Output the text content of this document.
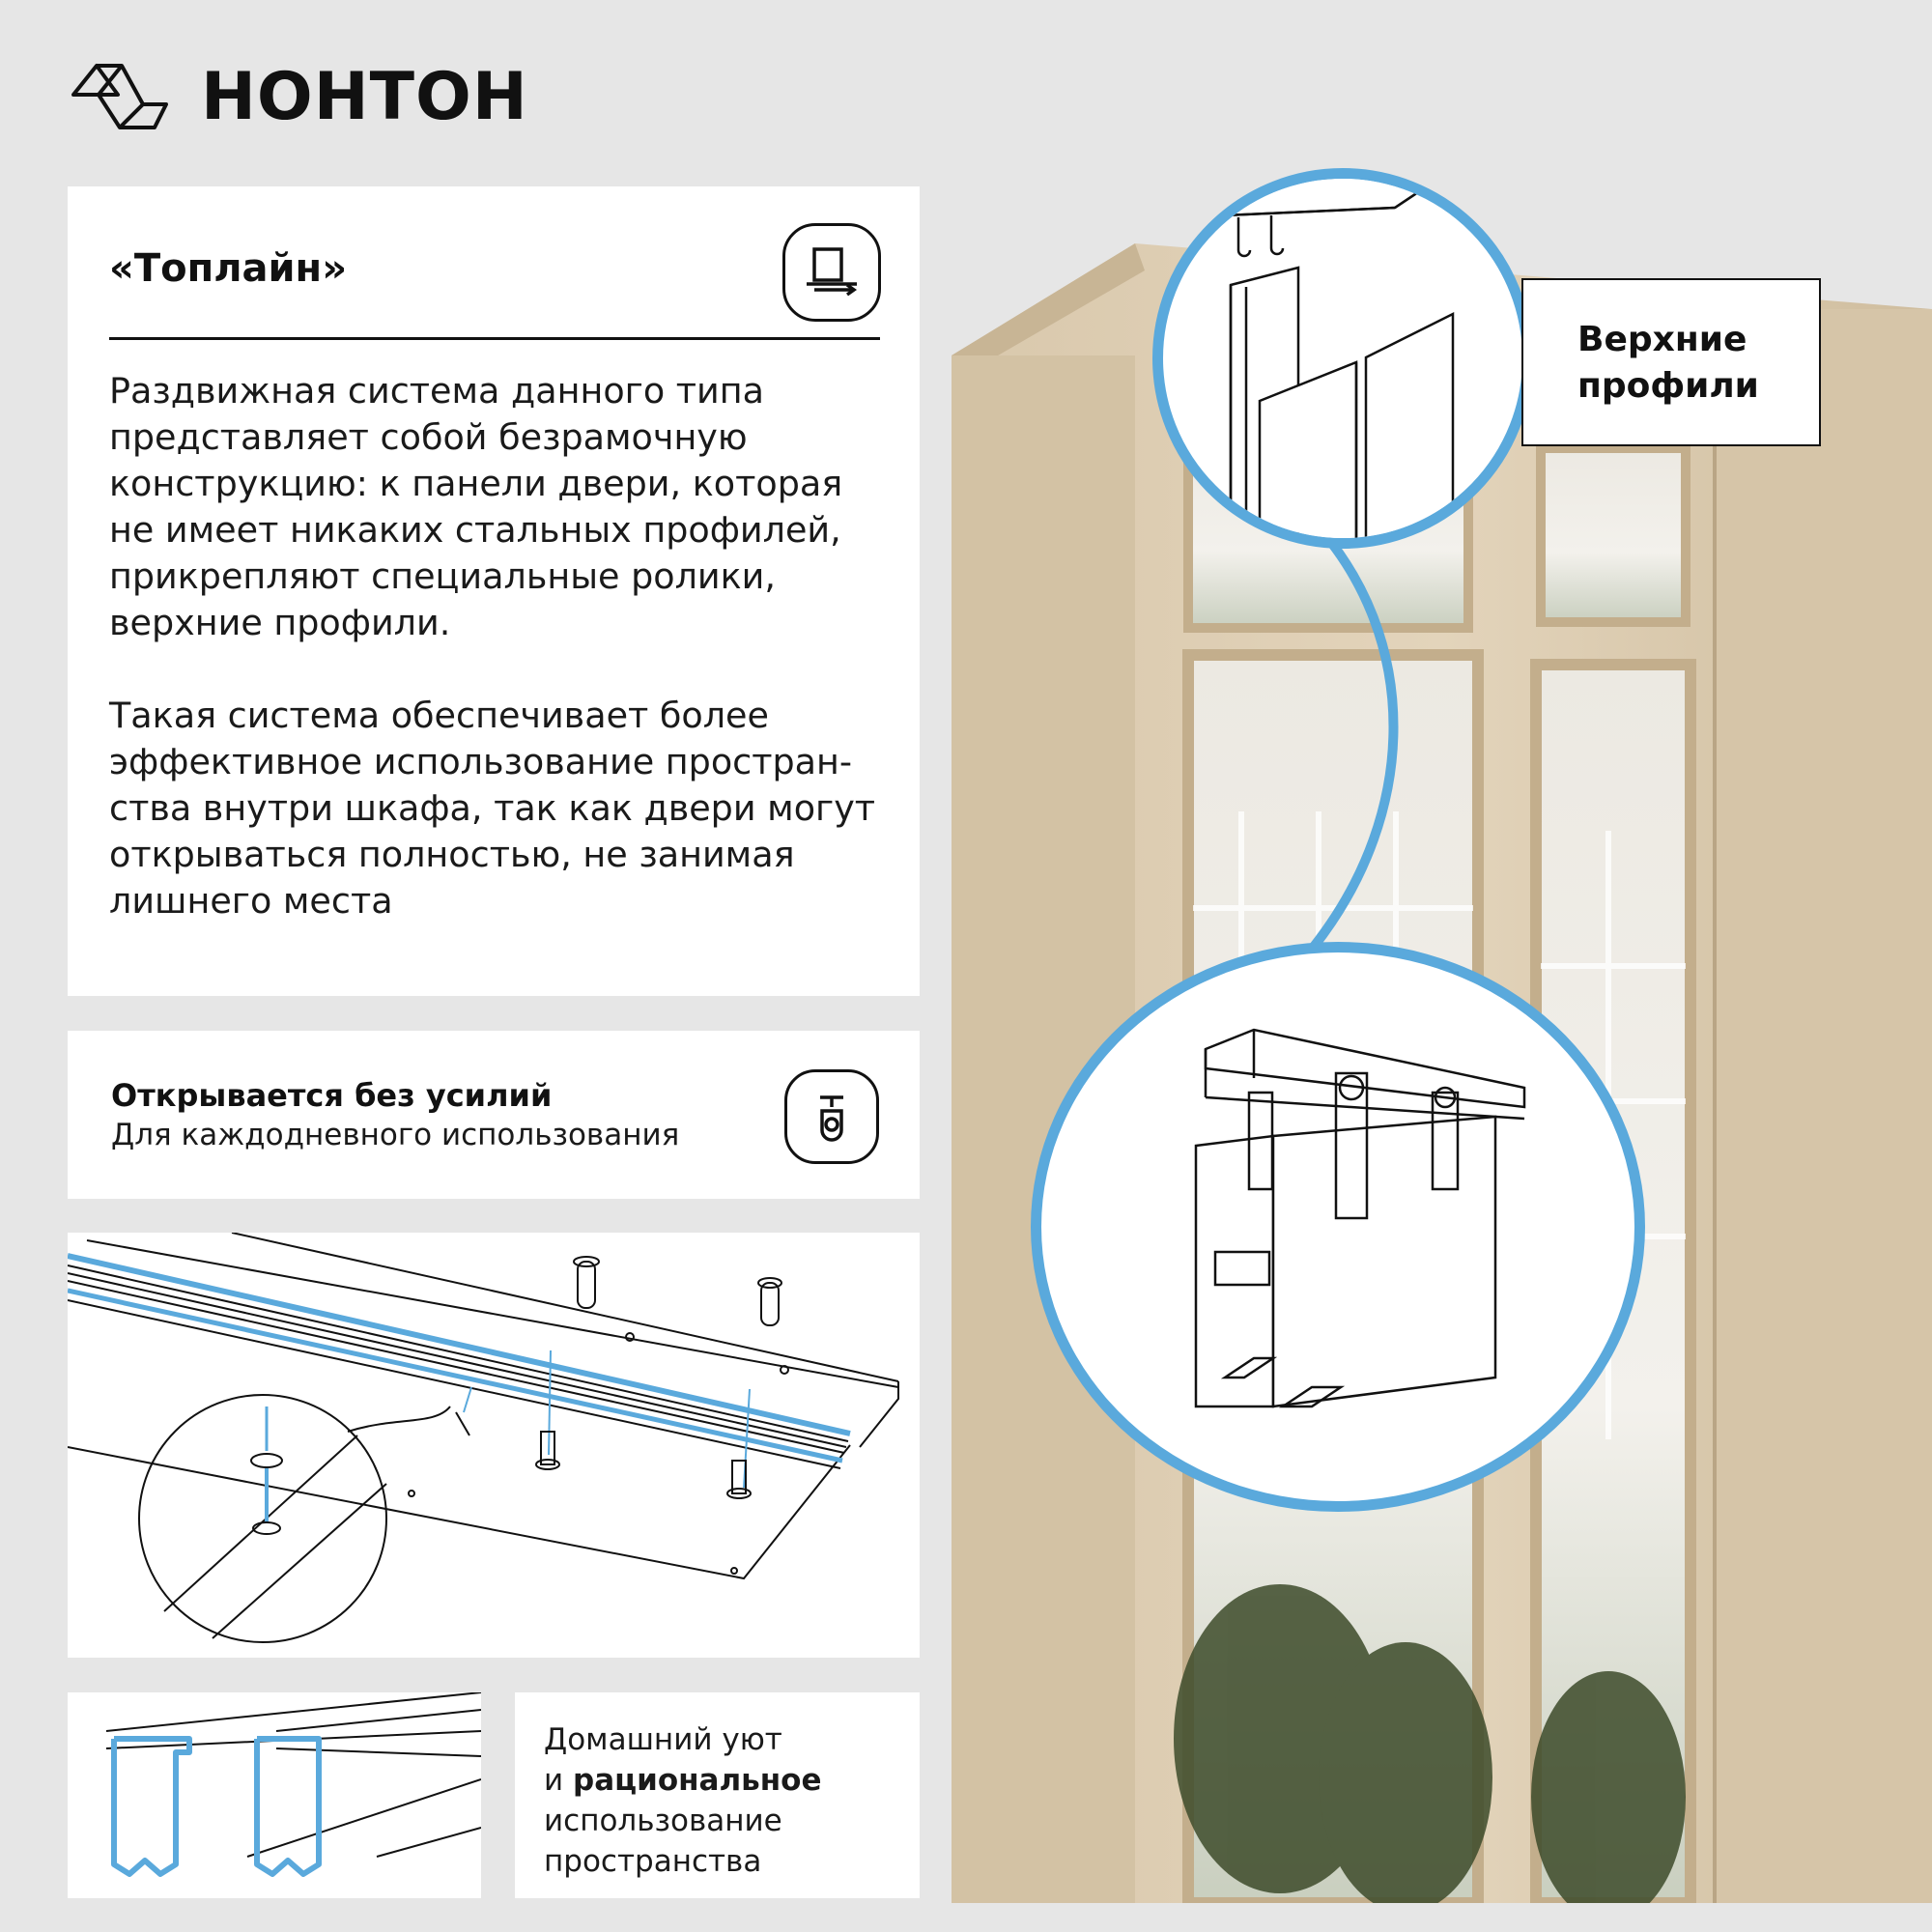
НОНТОН
«Топлайн»
Раздвижная система данного типа представляет собой безрамочную конструкцию: к панели двери, которая не имеет никаких стальных профилей, прикрепляют специальные ролики, верхние профили.
Такая система обеспечивает более эффективное использование простран-ства внутри шкафа, так как двери могут открываться полностью, не занимая лишнего места
Открывается без усилий
Для каждодневного использования
Домашний уют
и рациональное
использование
пространства
Верхние
профили
